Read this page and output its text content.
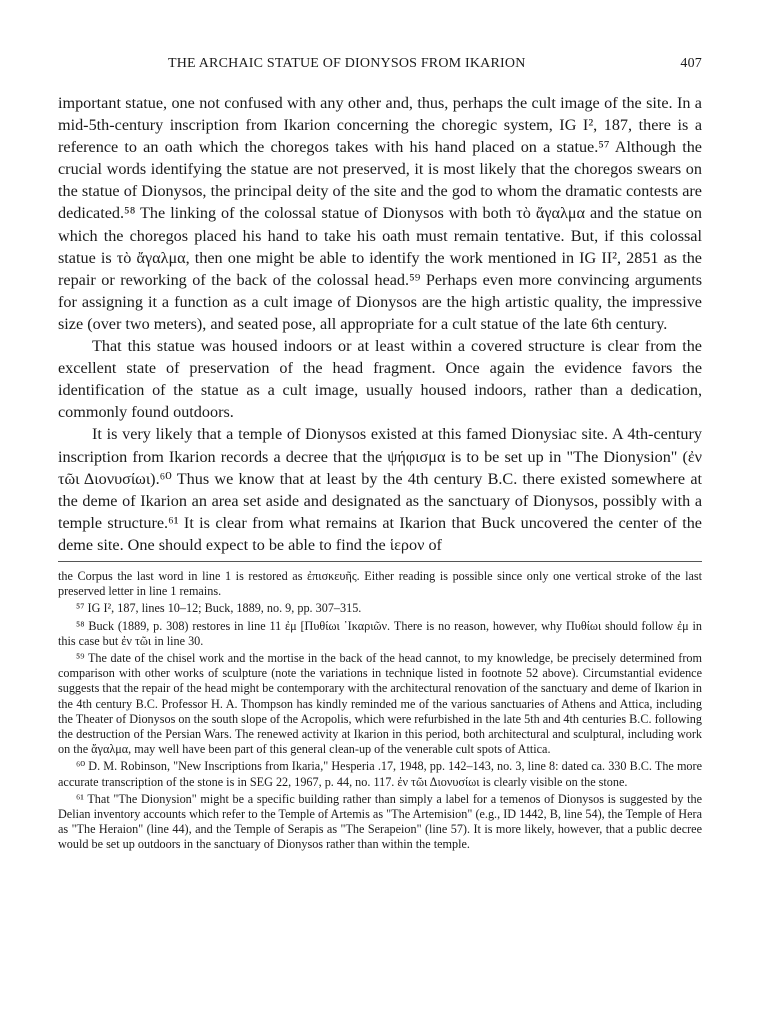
THE ARCHAIC STATUE OF DIONYSOS FROM IKARION	407

important statue, one not confused with any other and, thus, perhaps the cult image of the site. In a mid-5th-century inscription from Ikarion concerning the choregic system, IG I², 187, there is a reference to an oath which the choregos takes with his hand placed on a statue.⁵⁷ Although the crucial words identifying the statue are not preserved, it is most likely that the choregos swears on the statue of Dionysos, the principal deity of the site and the god to whom the dramatic contests are dedicated.⁵⁸ The linking of the colossal statue of Dionysos with both τὸ ἄγαλμα and the statue on which the choregos placed his hand to take his oath must remain tentative. But, if this colossal statue is τὸ ἄγαλμα, then one might be able to identify the work mentioned in IG II², 2851 as the repair or reworking of the back of the colossal head.⁵⁹ Perhaps even more convincing arguments for assigning it a function as a cult image of Dionysos are the high artistic quality, the impressive size (over two meters), and seated pose, all appropriate for a cult statue of the late 6th century.

That this statue was housed indoors or at least within a covered structure is clear from the excellent state of preservation of the head fragment. Once again the evidence favors the identification of the statue as a cult image, usually housed indoors, rather than a dedication, commonly found outdoors.

It is very likely that a temple of Dionysos existed at this famed Dionysiac site. A 4th-century inscription from Ikarion records a decree that the ψήφισμα is to be set up in "The Dionysion" (ἐν τῶι Διονυσίωι).⁶⁰ Thus we know that at least by the 4th century B.C. there existed somewhere at the deme of Ikarion an area set aside and designated as the sanctuary of Dionysos, possibly with a temple structure.⁶¹ It is clear from what remains at Ikarion that Buck uncovered the center of the deme site. One should expect to be able to find the ἱερον of

the Corpus the last word in line 1 is restored as ἐπισκευῆς. Either reading is possible since only one vertical stroke of the last preserved letter in line 1 remains.

⁵⁷ IG I², 187, lines 10–12; Buck, 1889, no. 9, pp. 307–315.

⁵⁸ Buck (1889, p. 308) restores in line 11 ἐμ [Πυθίωι ᾽Ικαριῶν. There is no reason, however, why Πυθίωι should follow ἐμ in this case but ἐν τῶι in line 30.

⁵⁹ The date of the chisel work and the mortise in the back of the head cannot, to my knowledge, be precisely determined from comparison with other works of sculpture (note the variations in technique listed in footnote 52 above). Circumstantial evidence suggests that the repair of the head might be contemporary with the architectural renovation of the sanctuary and deme of Ikarion in the 4th century B.C. Professor H. A. Thompson has kindly reminded me of the various sanctuaries of Athens and Attica, including the Theater of Dionysos on the south slope of the Acropolis, which were refurbished in the late 5th and 4th centuries B.C. following the destruction of the Persian Wars. The renewed activity at Ikarion in this period, both architectural and sculptural, including work on the ἄγαλμα, may well have been part of this general clean-up of the venerable cult spots of Attica.

⁶⁰ D. M. Robinson, "New Inscriptions from Ikaria," Hesperia .17, 1948, pp. 142–143, no. 3, line 8: dated ca. 330 B.C. The more accurate transcription of the stone is in SEG 22, 1967, p. 44, no. 117. ἐν τῶι Διονυσίωι is clearly visible on the stone.

⁶¹ That "The Dionysion" might be a specific building rather than simply a label for a temenos of Dionysos is suggested by the Delian inventory accounts which refer to the Temple of Artemis as "The Artemision" (e.g., ID 1442, B, line 54), the Temple of Hera as "The Heraion" (line 44), and the Temple of Serapis as "The Serapeion" (line 57). It is more likely, however, that a public decree would be set up outdoors in the sanctuary of Dionysos rather than within the temple.
